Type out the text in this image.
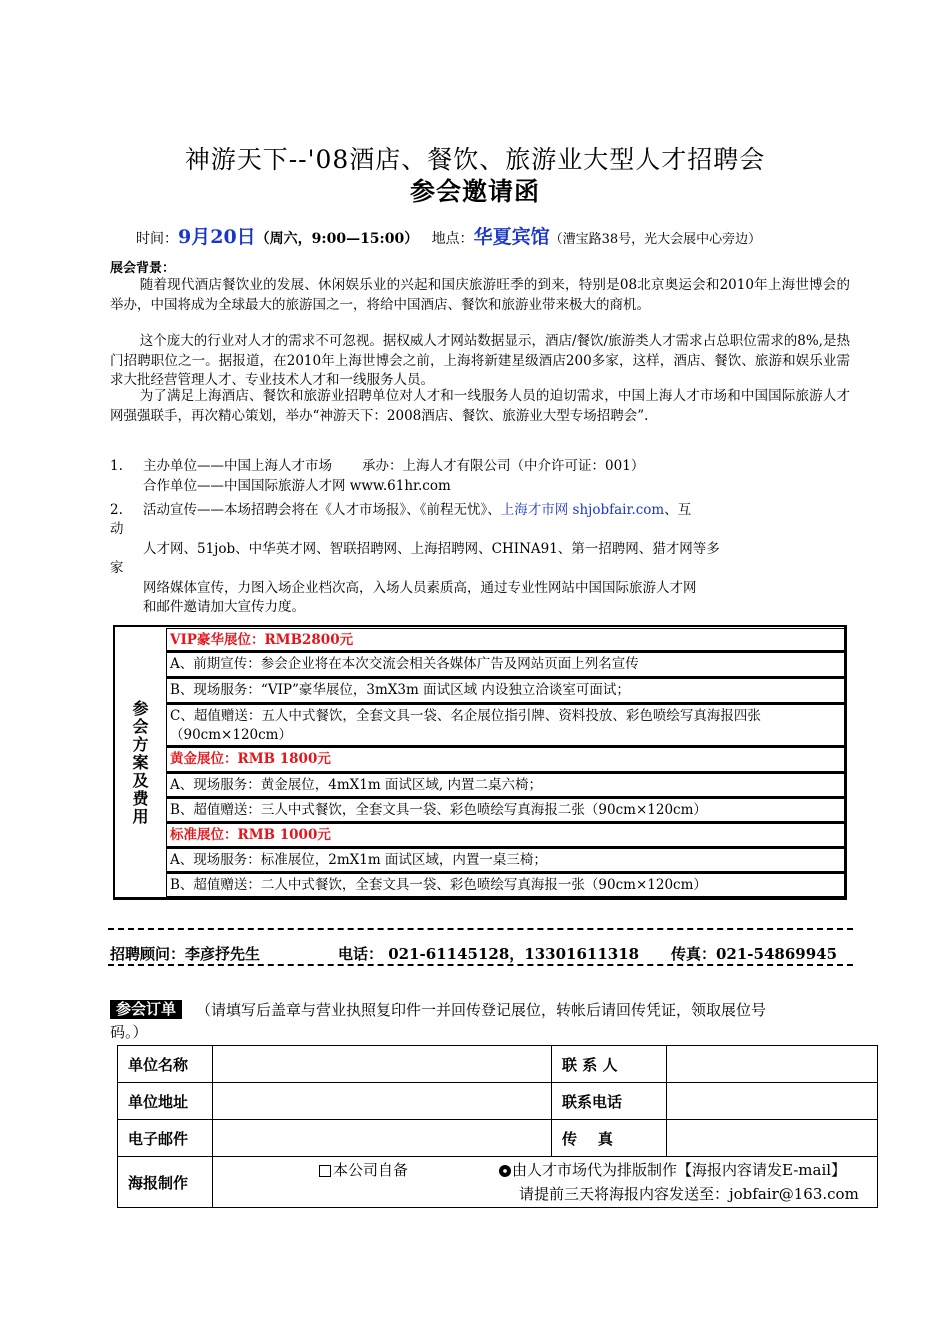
神游天下--'08酒店、餐饮、旅游业大型人才招聘会
参会邀请函
时间：9月20日（周六，9:00—15:00） 地点：华夏宾馆（漕宝路38号，光大会展中心旁边）
展会背景：
随着现代酒店餐饮业的发展、休闲娱乐业的兴起和国庆旅游旺季的到来，特别是08北京奥运会和2010年上海世博会的举办，中国将成为全球最大的旅游国之一，将给中国酒店、餐饮和旅游业带来极大的商机。
这个庞大的行业对人才的需求不可忽视。据权威人才网站数据显示，酒店/餐饮/旅游类人才需求占总职位需求的8%,是热门招聘职位之一。据报道，在2010年上海世博会之前，上海将新建星级酒店200多家，这样，酒店、餐饮、旅游和娱乐业需求大批经营管理人才、专业技术人才和一线服务人员。
为了满足上海酒店、餐饮和旅游业招聘单位对人才和一线服务人员的迫切需求，中国上海人才市场和中国国际旅游人才网强强联手，再次精心策划，举办“神游天下：2008酒店、餐饮、旅游业大型专场招聘会”.
1. 主办单位——中国上海人才市场 承办：上海人才有限公司（中介许可证：001）
合作单位——中国国际旅游人才网 www.61hr.com
2. 活动宣传——本场招聘会将在《人才市场报》、《前程无忧》、上海才市网 shjobfair.com、互
动
人才网、51job、中华英才网、智联招聘网、上海招聘网、CHINA91、第一招聘网、猎才网等多
家
网络媒体宣传，力图入场企业档次高，入场人员素质高，通过专业性网站中国国际旅游人才网
和邮件邀请加大宣传力度。
参会方案及费用
VIP豪华展位：RMB2800元
A、前期宣传：参会企业将在本次交流会相关各媒体广告及网站页面上列名宣传
B、现场服务：“VIP”豪华展位，3mX3m 面试区域 内设独立洽谈室可面试；
C、超值赠送：五人中式餐饮，全套文具一袋、名企展位指引牌、资料投放、彩色喷绘写真海报四张（90cm×120cm）
黄金展位：RMB 1800元
A、现场服务：黄金展位，4mX1m 面试区域, 内置二桌六椅；
B、超值赠送：三人中式餐饮，全套文具一袋、彩色喷绘写真海报二张（90cm×120cm）
标准展位：RMB 1000元
A、现场服务：标准展位，2mX1m 面试区域，内置一桌三椅；
B、超值赠送：二人中式餐饮，全套文具一袋、彩色喷绘写真海报一张（90cm×120cm）
招聘顾问：李彦抒先生	电话： 021-61145128，13301611318 传真：021-54869945
参会订单	（请填写后盖章与营业执照复印件一并回传登记展位，转帐后请回传凭证，领取展位号
码。）
单位名称		联 系 人	
单位地址		联系电话	
电子邮件		传    真	
海报制作	本公司自备 由人才市场代为排版制作【海报内容请发E-mail】
请提前三天将海报内容发送至：jobfair@163.com		
